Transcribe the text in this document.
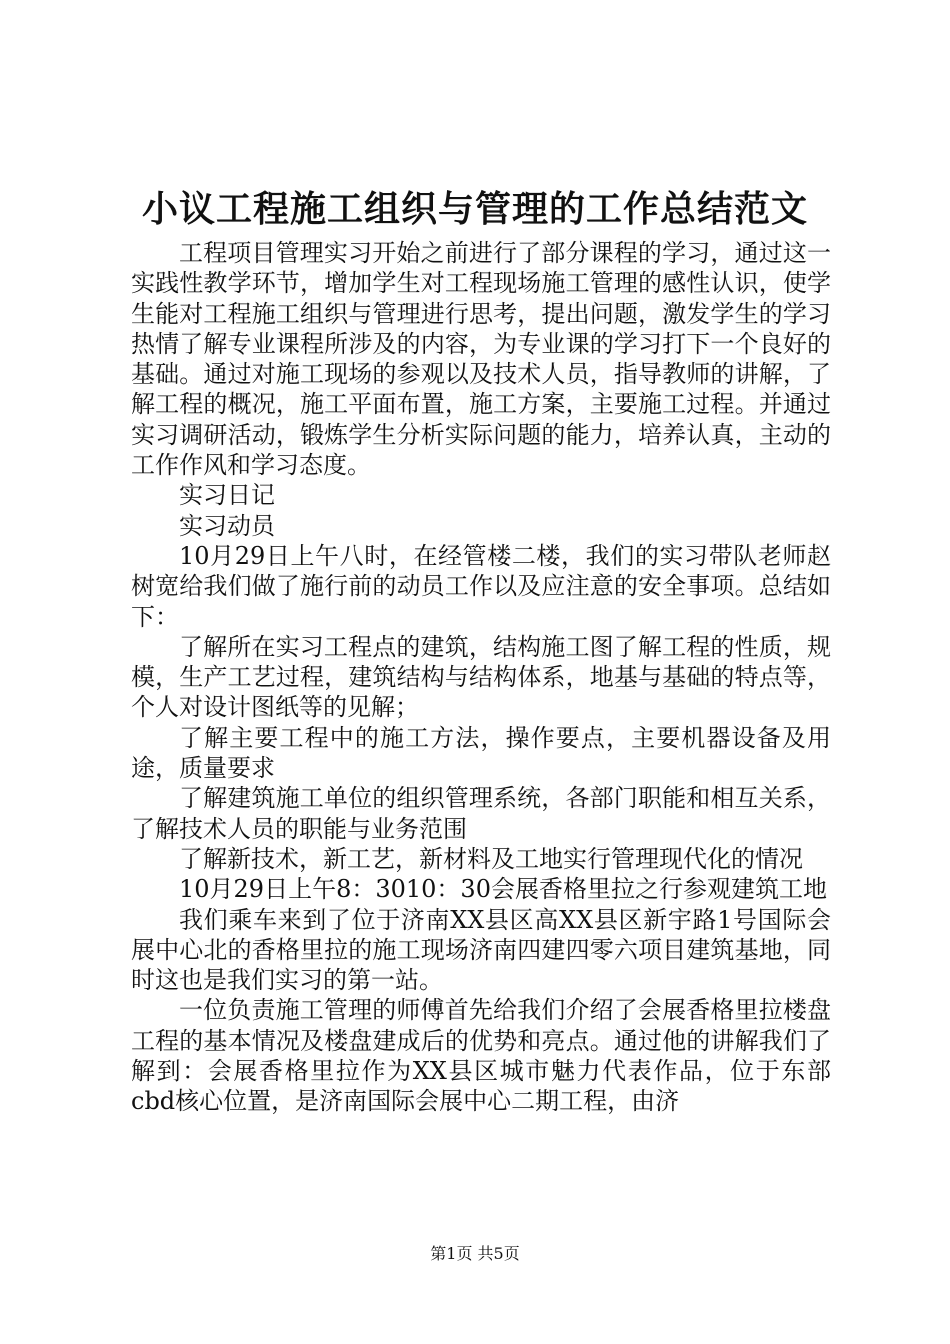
小议工程施工组织与管理的工作总结范文

工程项目管理实习开始之前进行了部分课程的学习，通过这一实践性教学环节，增加学生对工程现场施工管理的感性认识，使学生能对工程施工组织与管理进行思考，提出问题，激发学生的学习热情了解专业课程所涉及的内容，为专业课的学习打下一个良好的基础。通过对施工现场的参观以及技术人员，指导教师的讲解，了解工程的概况，施工平面布置，施工方案，主要施工过程。并通过实习调研活动，锻炼学生分析实际问题的能力，培养认真，主动的工作作风和学习态度。

实习日记

实习动员

10月29日上午八时，在经管楼二楼，我们的实习带队老师赵树宽给我们做了施行前的动员工作以及应注意的安全事项。总结如下：

了解所在实习工程点的建筑，结构施工图了解工程的性质，规模，生产工艺过程，建筑结构与结构体系，地基与基础的特点等，个人对设计图纸等的见解；

了解主要工程中的施工方法，操作要点，主要机器设备及用途，质量要求

了解建筑施工单位的组织管理系统，各部门职能和相互关系，了解技术人员的职能与业务范围

了解新技术，新工艺，新材料及工地实行管理现代化的情况

10月29日上午8：3010：30会展香格里拉之行参观建筑工地

我们乘车来到了位于济南XX县区高XX县区新宇路1号国际会展中心北的香格里拉的施工现场济南四建四零六项目建筑基地，同时这也是我们实习的第一站。

一位负责施工管理的师傅首先给我们介绍了会展香格里拉楼盘工程的基本情况及楼盘建成后的优势和亮点。通过他的讲解我们了解到：会展香格里拉作为XX县区城市魅力代表作品，位于东部cbd核心位置，是济南国际会展中心二期工程，由济

第1页 共5页
